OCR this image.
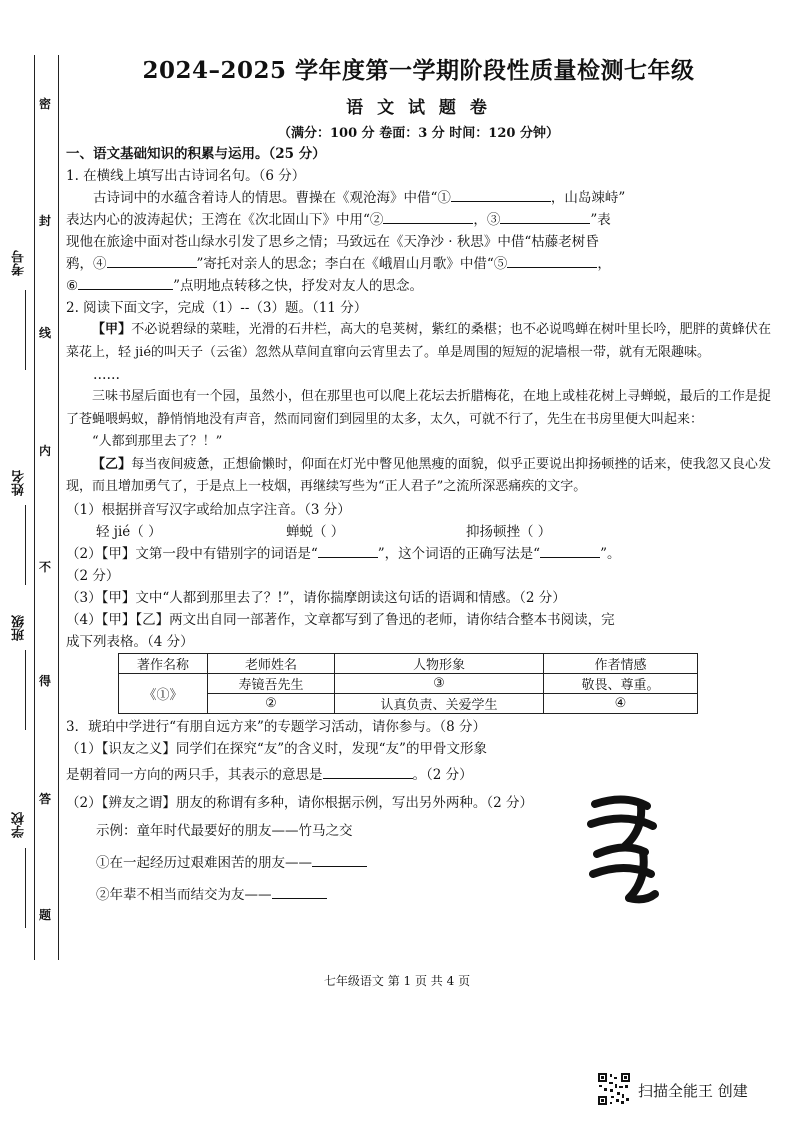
密
封
线
内
不
得
答
题
考号
姓名
班级
学校
2024–2025 学年度第一学期阶段性质量检测七年级
语 文 试 题 卷
（满分：100 分 卷面：3 分 时间：120 分钟）

一、语文基础知识的积累与运用。（25 分）

1. 在横线上填写出古诗词名句。（6 分）

古诗词中的水蕴含着诗人的情思。曹操在《观沧海》中借“①	，山岛竦峙”

表达内心的波涛起伏；王湾在《次北固山下》中用“②	，③	”表

现他在旅途中面对苍山绿水引发了思乡之情；马致远在《天净沙 · 秋思》中借“枯藤老树昏

鸦，④	”寄托对亲人的思念；李白在《峨眉山月歌》中借“⑤	，

⑥	”点明地点转移之快，抒发对友人的思念。

2. 阅读下面文字，完成（1）--（3）题。（11 分）

【甲】不必说碧绿的菜畦，光滑的石井栏，高大的皂荚树，紫红的桑椹；也不必说鸣蝉在树叶里长吟，肥胖的黄蜂伏在菜花上，轻 jié的叫天子（云雀）忽然从草间直窜向云宵里去了。单是周围的短短的泥墙根一带，就有无限趣味。

……

三味书屋后面也有一个园，虽然小，但在那里也可以爬上花坛去折腊梅花，在地上或桂花树上寻蝉蜕，最后的工作是捉了苍蝇喂蚂蚁，静悄悄地没有声音，然而同窗们到园里的太多，太久，可就不行了，先生在书房里便大叫起来：

“人都到那里去了？！”

【乙】每当夜间疲惫，正想偷懒时，仰面在灯光中瞥见他黑瘦的面貌，似乎正要说出抑扬顿挫的话来，使我忽又良心发现，而且增加勇气了，于是点上一枝烟，再继续写些为“正人君子”之流所深恶痛疾的文字。

（1）根据拼音写汉字或给加点字注音。（3 分）

轻 jié（ ）	蝉蜕（ ）	抑扬顿挫（ ）

（2）【甲】文第一段中有错别字的词语是“	”，这个词语的正确写法是“	”。

（2 分）

（3）【甲】文中“人都到那里去了？!”，请你揣摩朗读这句话的语调和情感。（2 分）

（4）【甲】【乙】两文出自同一部著作，文章都写到了鲁迅的老师，请你结合整本书阅读，完

成下列表格。（4 分）

著作名称	老师姓名	人物形象	作者情感
《①》	寿镜吾先生	③	敬畏、尊重。
	②	认真负责、关爱学生	④

3．琥珀中学进行“有朋自远方来”的专题学习活动，请你参与。（8 分）

（1）【识友之义】同学们在探究“友”的含义时，发现“友”的甲骨文形象

是朝着同一方向的两只手，其表示的意思是	。（2 分）

（2）【辨友之谓】朋友的称谓有多种，请你根据示例，写出另外两种。（2 分）

示例：童年时代最要好的朋友——竹马之交

①在一起经历过艰难困苦的朋友——

②年辈不相当而结交为友——

七年级语文 第 1 页 共 4 页
扫描全能王 创建
